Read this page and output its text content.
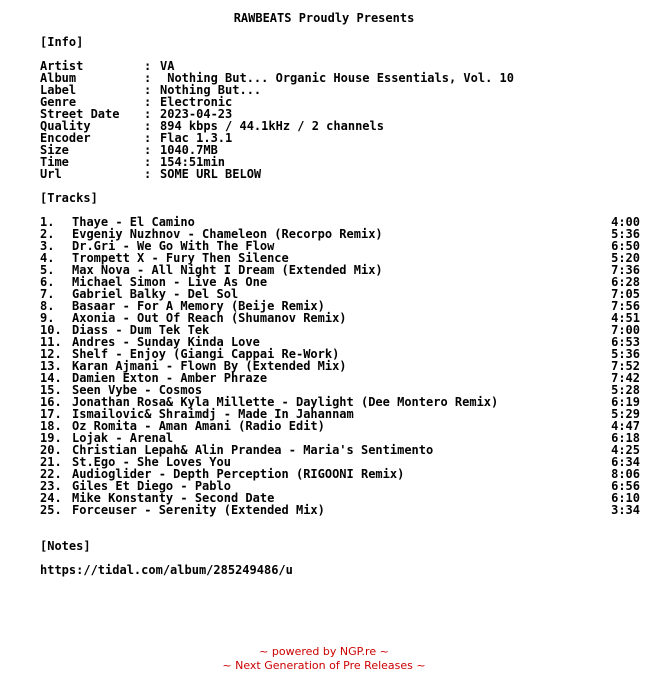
RAWBEATS Proudly Presents
[Info]
Artist	: VA
Album	: Nothing But... Organic House Essentials, Vol. 10
Label	: Nothing But...
Genre	: Electronic
Street Date : 2023-04-23
Quality	: 894 kbps / 44.1kHz / 2 channels
Encoder	: Flac 1.3.1
Size	: 1040.7MB
Time	: 154:51min
Url	: SOME URL BELOW
[Tracks]
1. Thaye - El Camino	4:00
2. Evgeniy Nuzhnov - Chameleon (Recorpo Remix)	5:36
3. Dr.Gri - We Go With The Flow	6:50
4. Trompett X - Fury Then Silence	5:20
5. Max Nova - All Night I Dream (Extended Mix)	7:36
6. Michael Simon - Live As One	6:28
7. Gabriel Balky - Del Sol	7:05
8. Basaar - For A Memory (Beije Remix)	7:56
9. Axonia - Out Of Reach (Shumanov Remix)	4:51
10. Diass - Dum Tek Tek	7:00
11. Andres - Sunday Kinda Love	6:53
12. Shelf - Enjoy (Giangi Cappai Re-Work)	5:36
13. Karan Ajmani - Flown By (Extended Mix)	7:52
14. Damien Exton - Amber Phraze	7:42
15. Seen Vybe - Cosmos	5:28
16. Jonathan Rosa& Kyla Millette - Daylight (Dee Montero Remix)	6:19
17. Ismailovic& Shraimdj - Made In Jahannam	5:29
18. Oz Romita - Aman Amani (Radio Edit)	4:47
19. Lojak - Arenal	6:18
20. Christian Lepah& Alin Prandea - Maria's Sentimento	4:25
21. St.Ego - She Loves You	6:34
22. Audioglider - Depth Perception (RIGOONI Remix)	8:06
23. Giles Et Diego - Pablo	6:56
24. Mike Konstanty - Second Date	6:10
25. Forceuser - Serenity (Extended Mix)	3:34
[Notes]
https://tidal.com/album/285249486/u
~ powered by NGP.re ~
~ Next Generation of Pre Releases ~
